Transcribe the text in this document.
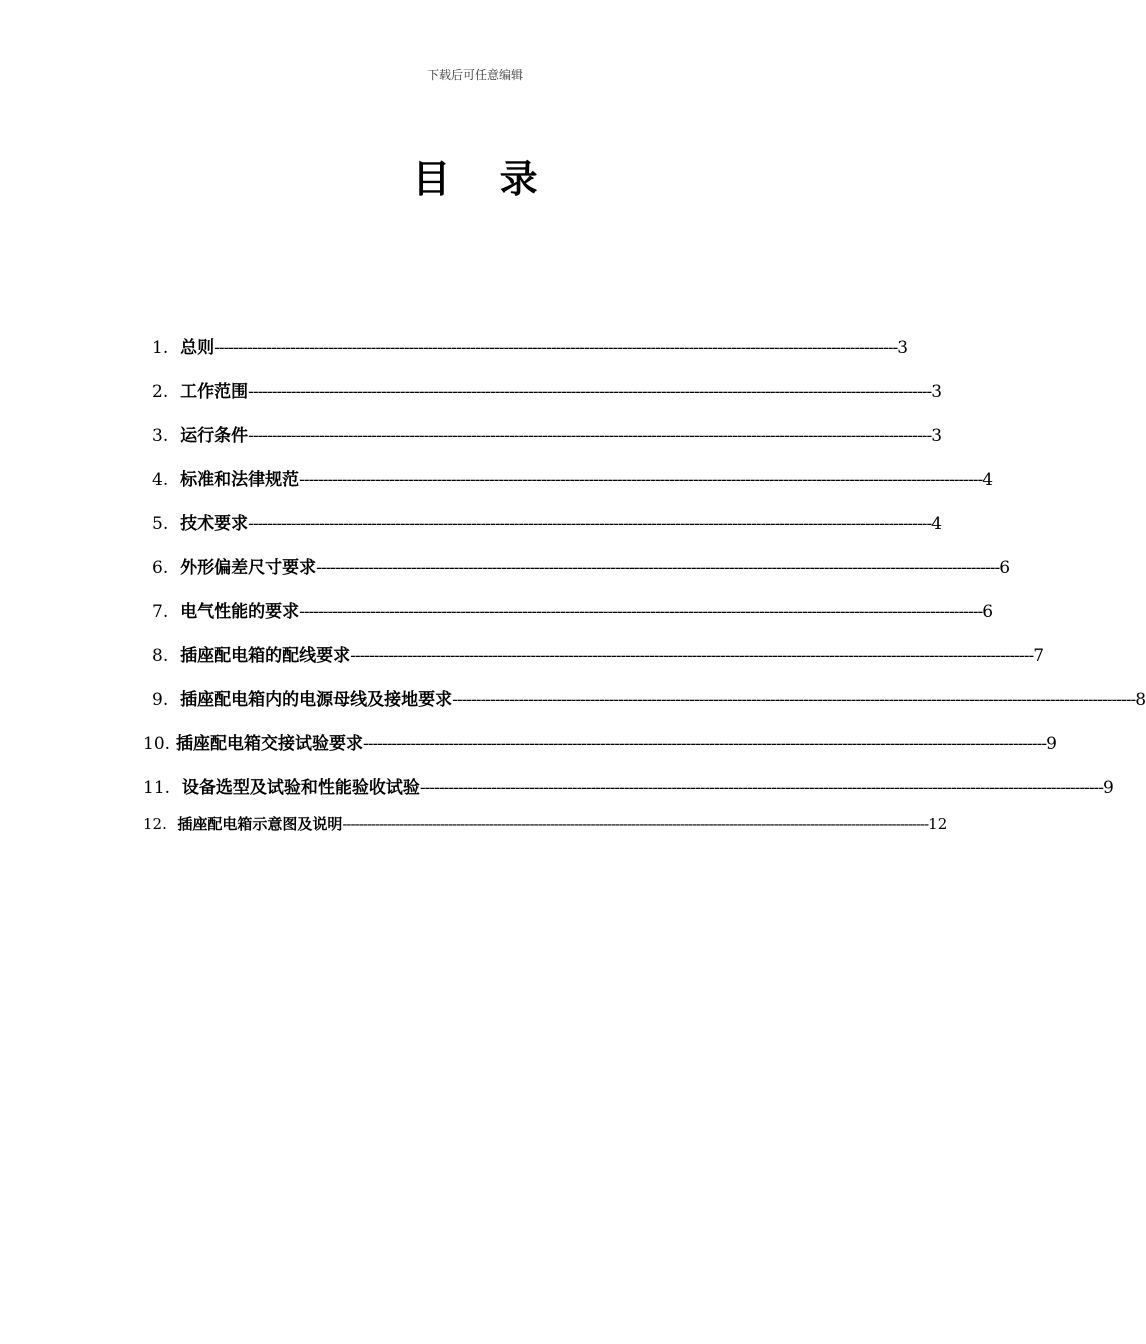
下载后可任意编辑
目 录
1.
总则 ------------------------------------------------------------------------------------------------------------------------------------------------ 3
2.
工作范围 ------------------------------------------------------------------------------------------------------------------------------------------------ 3
3.
运行条件 ------------------------------------------------------------------------------------------------------------------------------------------------ 3
4.
标准和法律规范 ------------------------------------------------------------------------------------------------------------------------------------------------ 4
5.
技术要求 ------------------------------------------------------------------------------------------------------------------------------------------------ 4
6.
外形偏差尺寸要求 ------------------------------------------------------------------------------------------------------------------------------------------------ 6
7.
电气性能的要求 ------------------------------------------------------------------------------------------------------------------------------------------------ 6
8.
插座配电箱的配线要求 ------------------------------------------------------------------------------------------------------------------------------------------------ 7
9.
插座配电箱内的电源母线及接地要求 ------------------------------------------------------------------------------------------------------------------------------------------------ 8
10.
插座配电箱交接试验要求 ------------------------------------------------------------------------------------------------------------------------------------------------ 9
11.
设备选型及试验和性能验收试验 ------------------------------------------------------------------------------------------------------------------------------------------------ 9
12.
插座配电箱示意图及说明 ------------------------------------------------------------------------------------------------------------------------------------------------ 12
